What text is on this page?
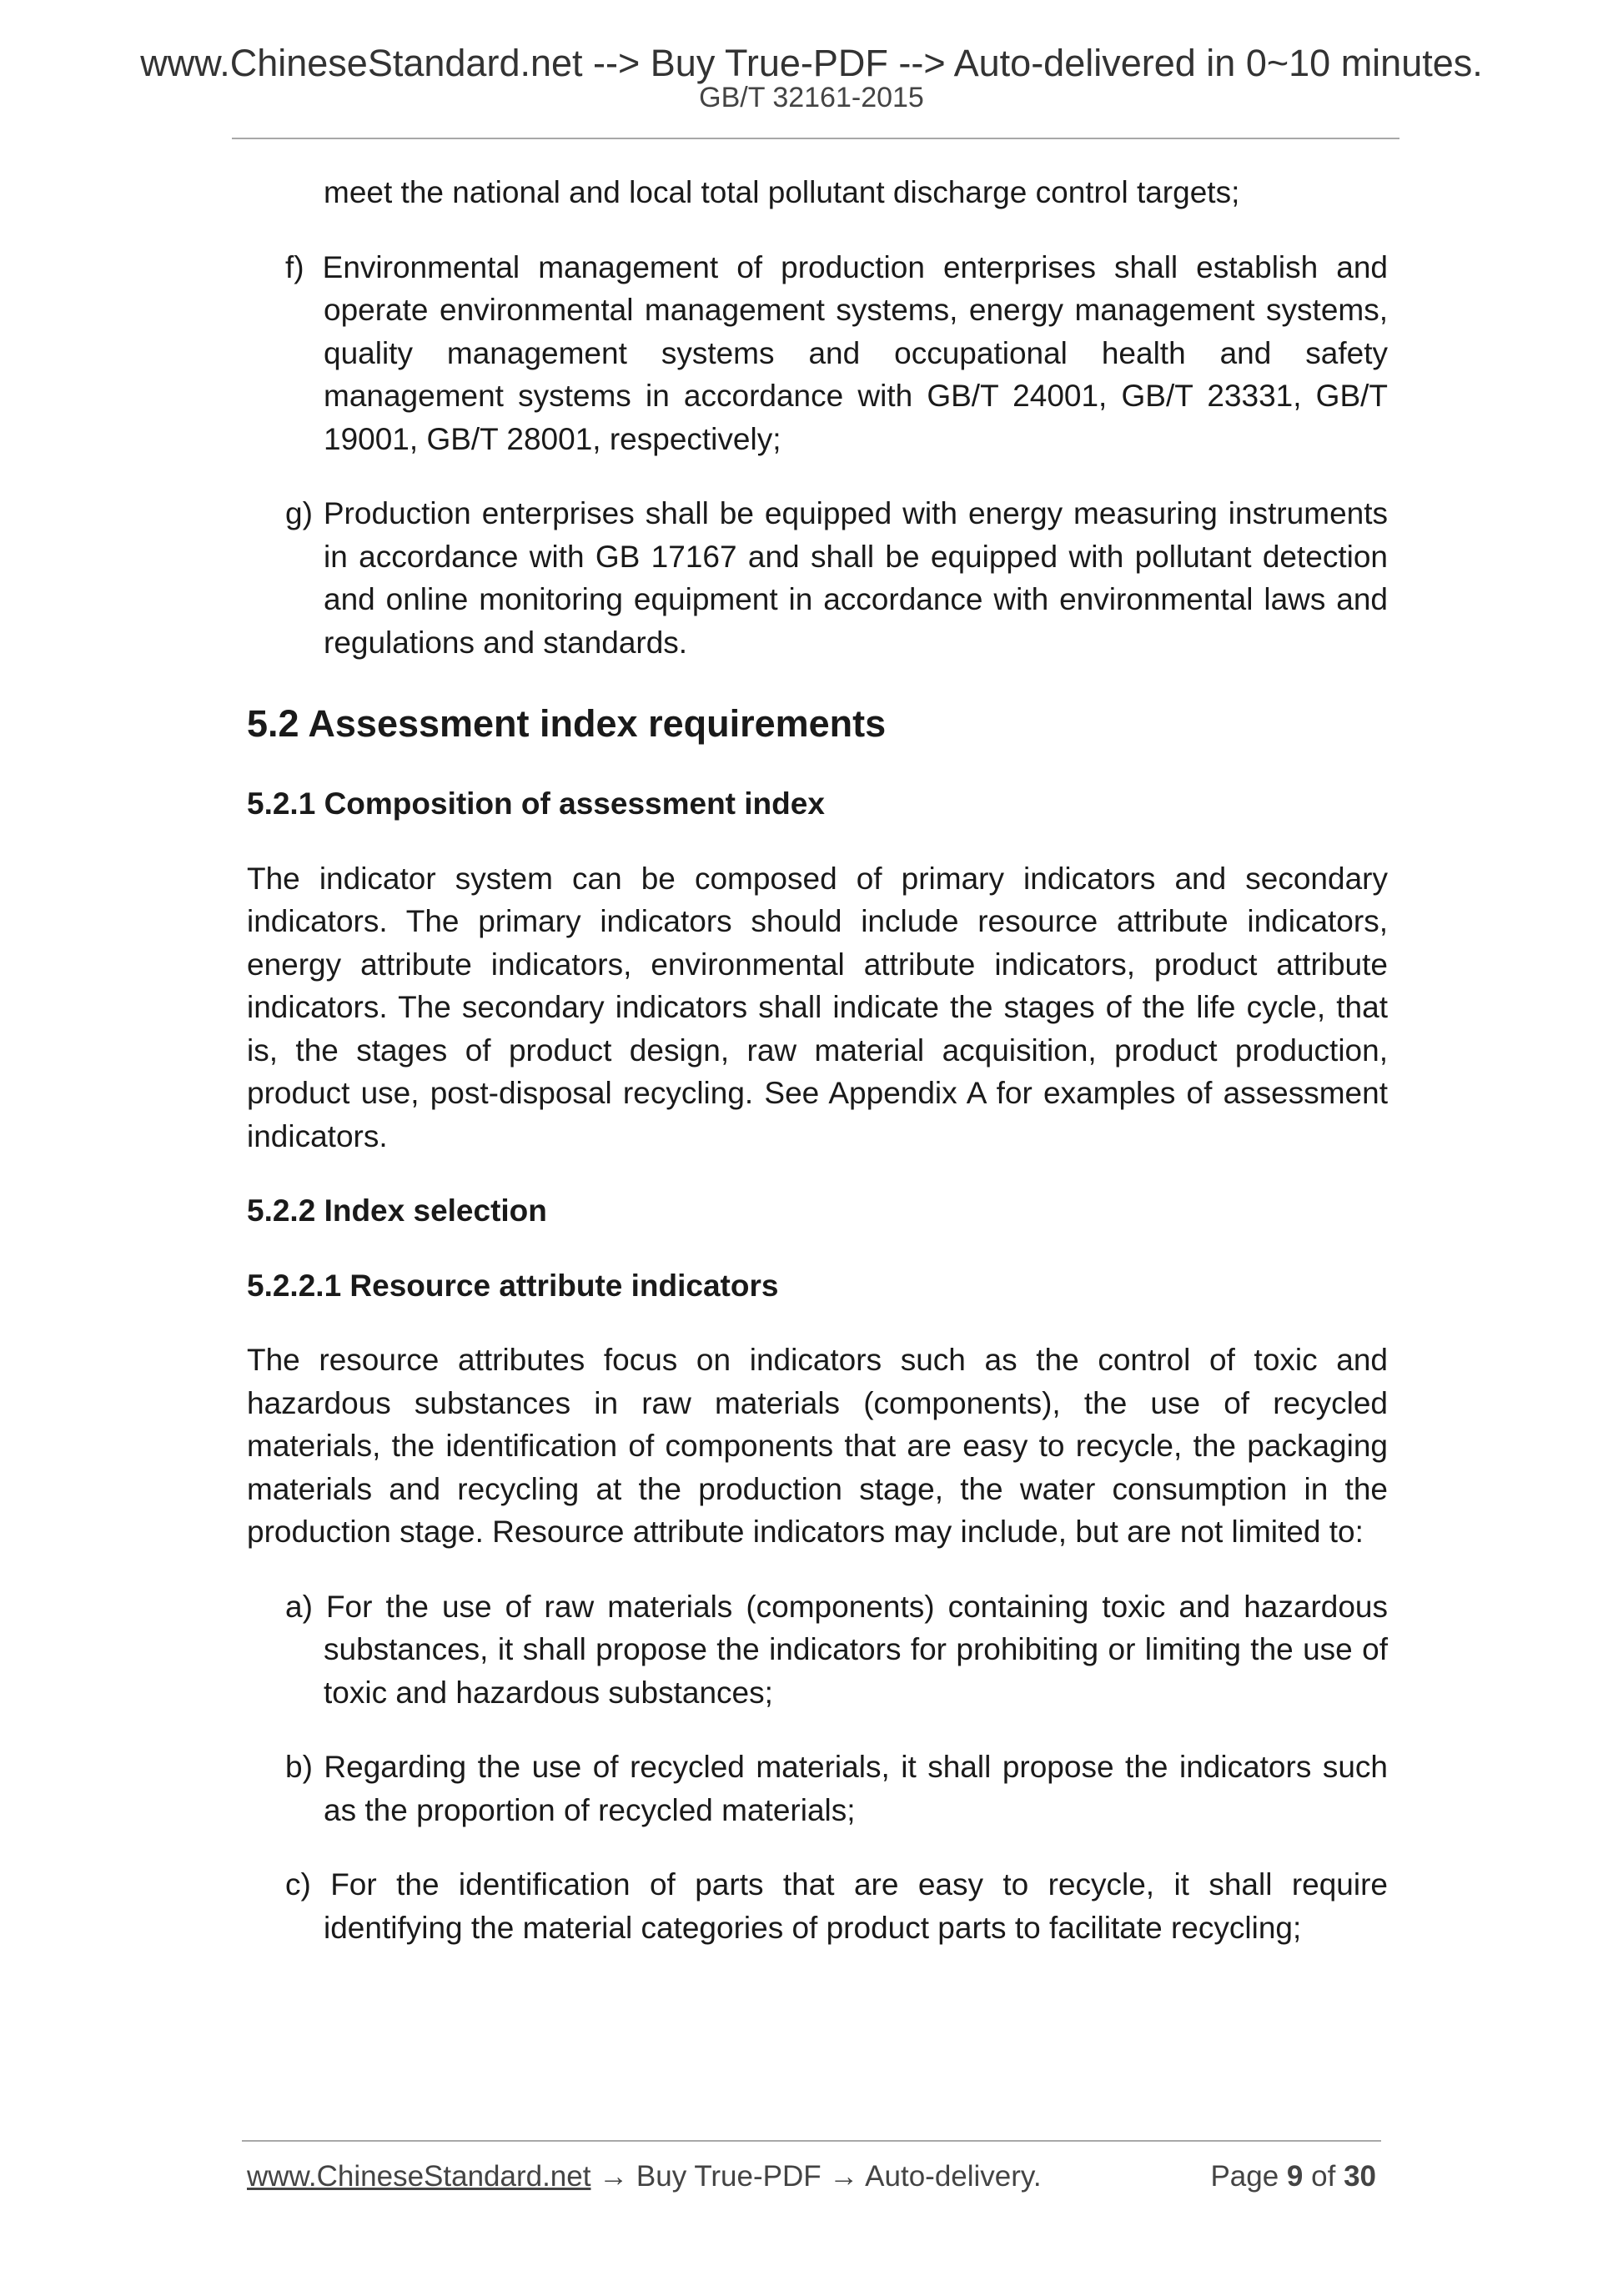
www.ChineseStandard.net --> Buy True-PDF --> Auto-delivered in 0~10 minutes.
GB/T 32161-2015

meet the national and local total pollutant discharge control targets;

f) Environmental management of production enterprises shall establish and operate environmental management systems, energy management systems, quality management systems and occupational health and safety management systems in accordance with GB/T 24001, GB/T 23331, GB/T 19001, GB/T 28001, respectively;

g) Production enterprises shall be equipped with energy measuring instruments in accordance with GB 17167 and shall be equipped with pollutant detection and online monitoring equipment in accordance with environmental laws and regulations and standards.

5.2 Assessment index requirements
5.2.1 Composition of assessment index

The indicator system can be composed of primary indicators and secondary indicators. The primary indicators should include resource attribute indicators, energy attribute indicators, environmental attribute indicators, product attribute indicators. The secondary indicators shall indicate the stages of the life cycle, that is, the stages of product design, raw material acquisition, product production, product use, post-disposal recycling. See Appendix A for examples of assessment indicators.

5.2.2 Index selection
5.2.2.1 Resource attribute indicators

The resource attributes focus on indicators such as the control of toxic and hazardous substances in raw materials (components), the use of recycled materials, the identification of components that are easy to recycle, the packaging materials and recycling at the production stage, the water consumption in the production stage. Resource attribute indicators may include, but are not limited to:

a) For the use of raw materials (components) containing toxic and hazardous substances, it shall propose the indicators for prohibiting or limiting the use of toxic and hazardous substances;

b) Regarding the use of recycled materials, it shall propose the indicators such as the proportion of recycled materials;

c) For the identification of parts that are easy to recycle, it shall require identifying the material categories of product parts to facilitate recycling;

www.ChineseStandard.net → Buy True-PDF → Auto-delivery.	Page 9 of 30
